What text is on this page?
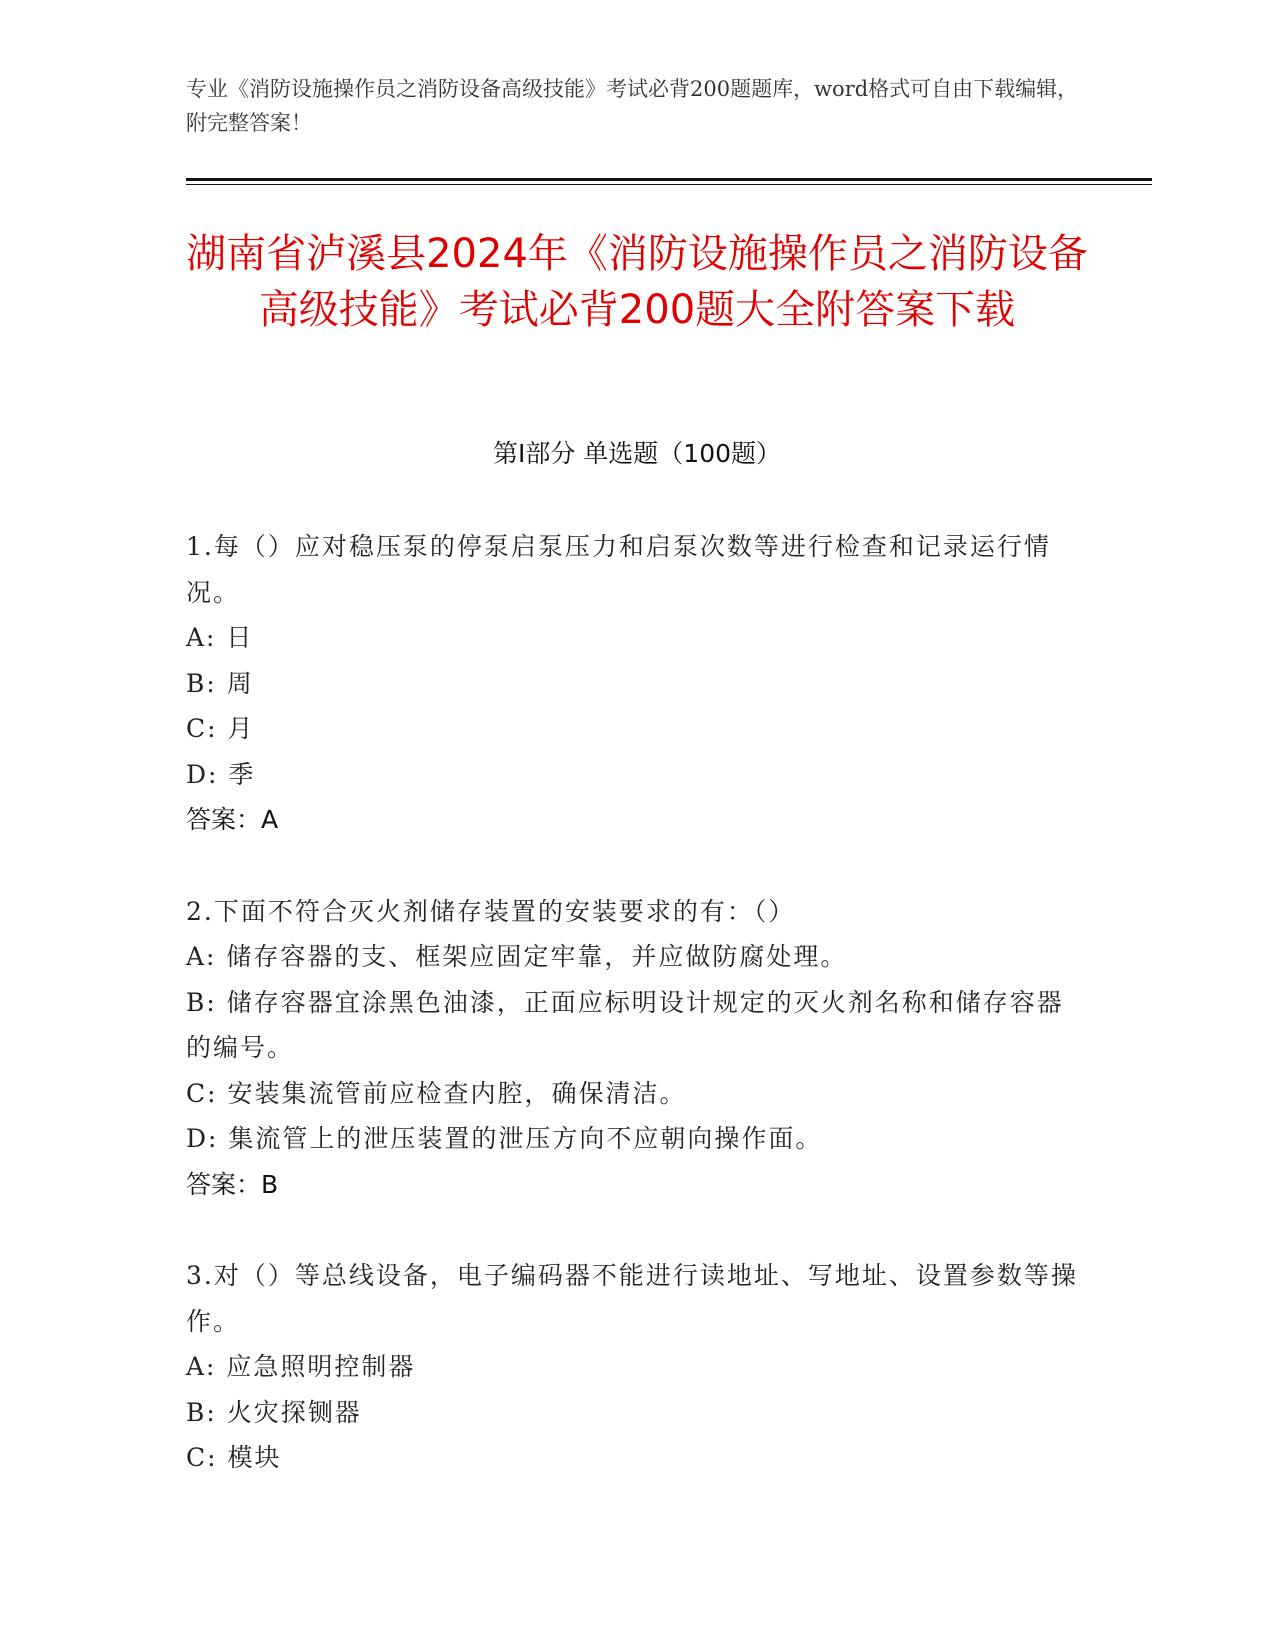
专业《消防设施操作员之消防设备高级技能》考试必背200题题库，word格式可自由下载编辑，附完整答案！
湖南省泸溪县2024年《消防设施操作员之消防设备高级技能》考试必背200题大全附答案下载
第I部分 单选题（100题）

1.每（）应对稳压泵的停泵启泵压力和启泵次数等进行检查和记录运行情况。

A: 日

B: 周

C: 月

D: 季

答案：A

2.下面不符合灭火剂储存装置的安装要求的有：（）

A: 储存容器的支、框架应固定牢靠，并应做防腐处理。

B: 储存容器宜涂黑色油漆，正面应标明设计规定的灭火剂名称和储存容器的编号。

C: 安装集流管前应检查内腔，确保清洁。

D: 集流管上的泄压装置的泄压方向不应朝向操作面。

答案：B

3.对（）等总线设备，电子编码器不能进行读地址、写地址、设置参数等操作。

A: 应急照明控制器

B: 火灾探铡器

C: 模块
